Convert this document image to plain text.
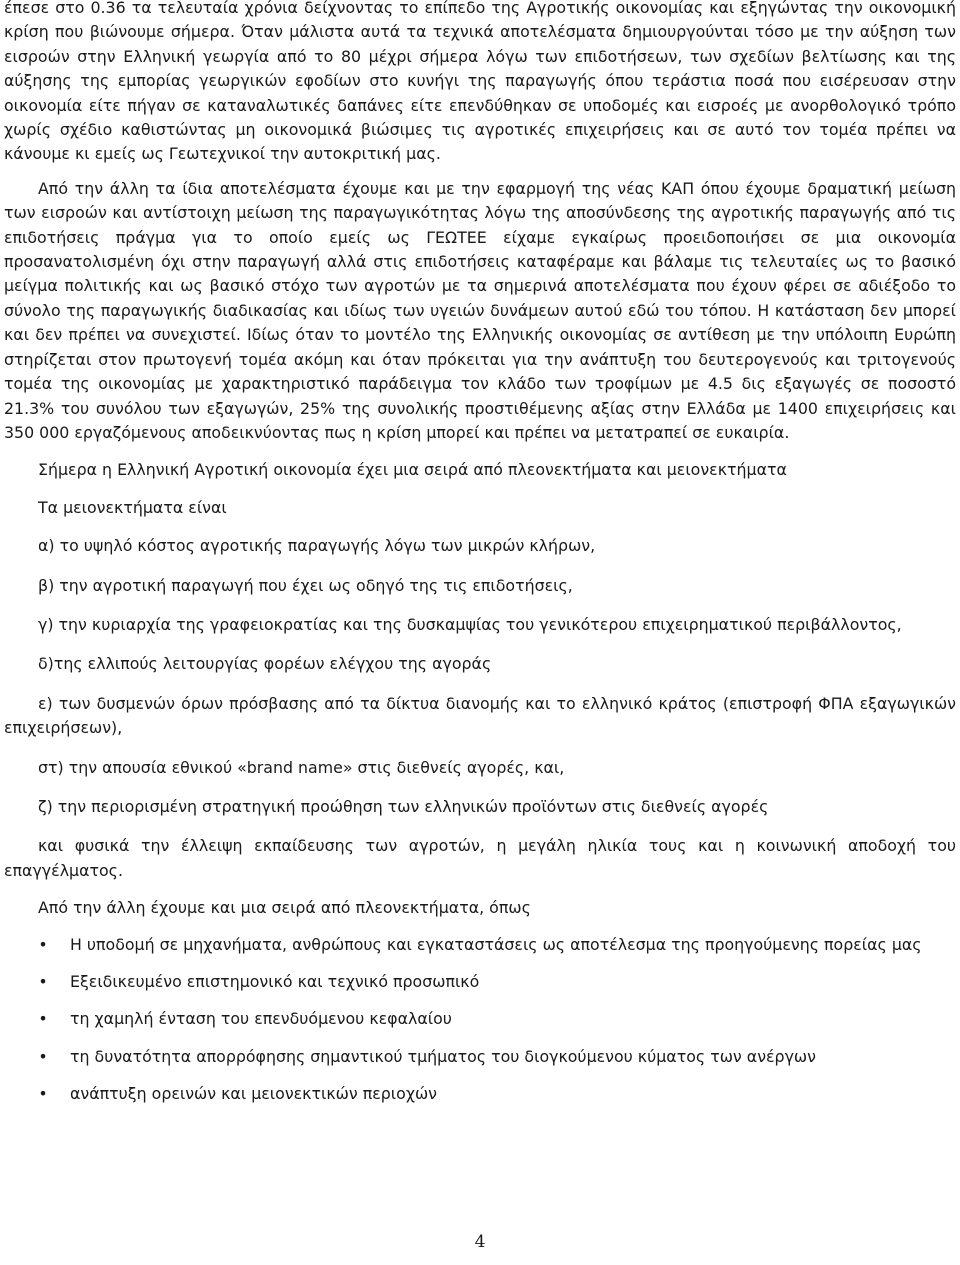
έπεσε στο 0.36 τα τελευταία χρόνια δείχνοντας το επίπεδο της Αγροτικής οικονομίας και εξηγώντας την οικονομική κρίση που βιώνουμε σήμερα. Όταν μάλιστα αυτά τα τεχνικά αποτελέσματα δημιουργούνται τόσο με την αύξηση των εισροών στην Ελληνική γεωργία από το 80 μέχρι σήμερα λόγω των επιδοτήσεων, των σχεδίων βελτίωσης και της αύξησης της εμπορίας γεωργικών εφοδίων στο κυνήγι της παραγωγής όπου τεράστια ποσά που εισέρευσαν στην οικονομία είτε πήγαν σε καταναλωτικές δαπάνες είτε επενδύθηκαν σε υποδομές και εισροές με ανορθολογικό τρόπο χωρίς σχέδιο καθιστώντας μη οικονομικά βιώσιμες τις αγροτικές επιχειρήσεις και σε αυτό τον τομέα πρέπει να κάνουμε κι εμείς ως Γεωτεχνικοί την αυτοκριτική μας.

Από την άλλη τα ίδια αποτελέσματα έχουμε και με την εφαρμογή της νέας ΚΑΠ όπου έχουμε δραματική μείωση των εισροών και αντίστοιχη μείωση της παραγωγικότητας λόγω της αποσύνδεσης της αγροτικής παραγωγής από τις επιδοτήσεις πράγμα για το οποίο εμείς ως ΓΕΩΤΕΕ είχαμε εγκαίρως προειδοποιήσει σε μια οικονομία προσανατολισμένη όχι στην παραγωγή αλλά στις επιδοτήσεις καταφέραμε και βάλαμε τις τελευταίες ως το βασικό μείγμα πολιτικής και ως βασικό στόχο των αγροτών με τα σημερινά αποτελέσματα που έχουν φέρει σε αδιέξοδο το σύνολο της παραγωγικής διαδικασίας και ιδίως των υγειών δυνάμεων αυτού εδώ του τόπου. Η κατάσταση δεν μπορεί και δεν πρέπει να συνεχιστεί. Ιδίως όταν το μοντέλο της Ελληνικής οικονομίας σε αντίθεση με την υπόλοιπη Ευρώπη στηρίζεται στον πρωτογενή τομέα ακόμη και όταν πρόκειται για την ανάπτυξη του δευτερογενούς και τριτογενούς τομέα της οικονομίας με χαρακτηριστικό παράδειγμα τον κλάδο των τροφίμων με 4.5 δις εξαγωγές σε ποσοστό 21.3% του συνόλου των εξαγωγών, 25% της συνολικής προστιθέμενης αξίας στην Ελλάδα με 1400 επιχειρήσεις και 350 000 εργαζόμενους αποδεικνύοντας πως η κρίση μπορεί και πρέπει να μετατραπεί σε ευκαιρία.

Σήμερα η Ελληνική Αγροτική οικονομία έχει μια σειρά από πλεονεκτήματα και μειονεκτήματα

Τα μειονεκτήματα είναι

α) το υψηλό κόστος αγροτικής παραγωγής λόγω των μικρών κλήρων,

β) την αγροτική παραγωγή που έχει ως οδηγό της τις επιδοτήσεις,

γ) την κυριαρχία της γραφειοκρατίας και της δυσκαμψίας του γενικότερου επιχειρηματικού περιβάλλοντος,

δ)της ελλιπούς λειτουργίας φορέων ελέγχου της αγοράς

ε) των δυσμενών όρων πρόσβασης από τα δίκτυα διανομής και το ελληνικό κράτος (επιστροφή ΦΠΑ εξαγωγικών επιχειρήσεων),

στ) την απουσία εθνικού «brand name» στις διεθνείς αγορές, και,

ζ) την περιορισμένη στρατηγική προώθηση των ελληνικών προϊόντων στις διεθνείς αγορές

και φυσικά την έλλειψη εκπαίδευσης των αγροτών, η μεγάλη ηλικία τους και η κοινωνική αποδοχή του επαγγέλματος.

Από την άλλη έχουμε και μια σειρά από πλεονεκτήματα, όπως

• Η υποδομή σε μηχανήματα, ανθρώπους και εγκαταστάσεις ως αποτέλεσμα της προηγούμενης πορείας μας
• Εξειδικευμένο επιστημονικό και τεχνικό προσωπικό
• τη χαμηλή ένταση του επενδυόμενου κεφαλαίου
• τη δυνατότητα απορρόφησης σημαντικού τμήματος του διογκούμενου κύματος των ανέργων
• ανάπτυξη ορεινών και μειονεκτικών περιοχών
4
